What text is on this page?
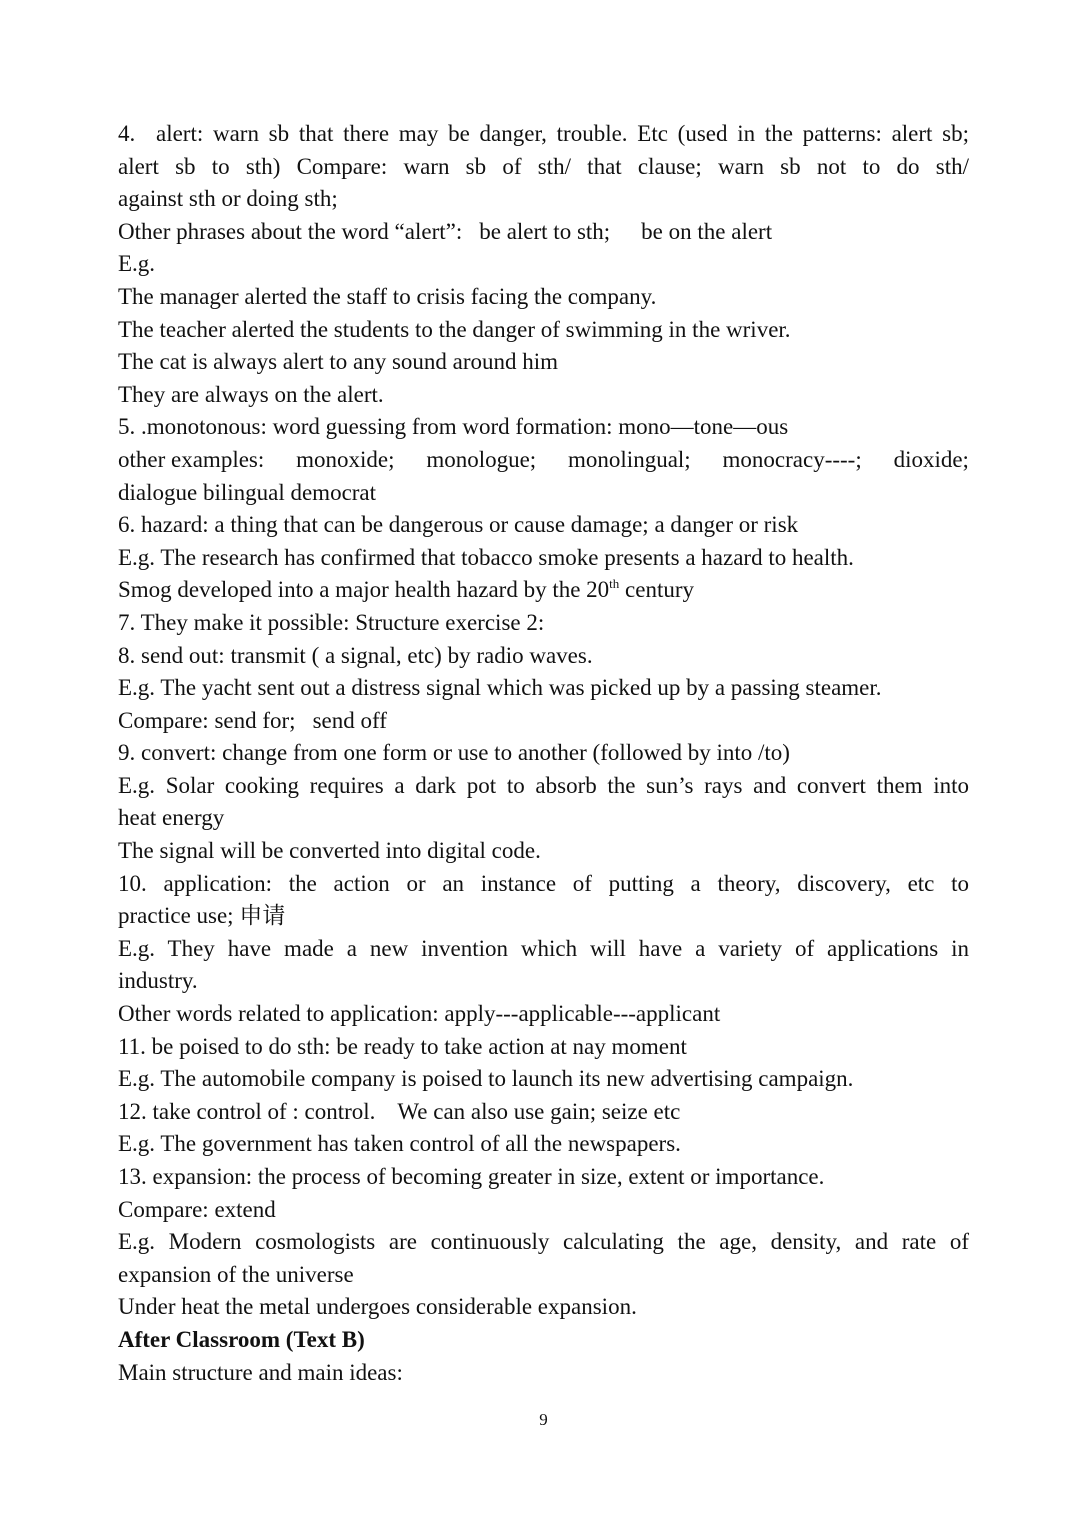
4. alert: warn sb that there may be danger, trouble. Etc (used in the patterns: alert sb;
alert sb to sth) Compare: warn sb of sth/ that clause; warn sb not to do sth/
against sth or doing sth;
Other phrases about the word “alert”: be alert to sth; be on the alert
E.g.
The manager alerted the staff to crisis facing the company.
The teacher alerted the students to the danger of swimming in the wriver.
The cat is always alert to any sound around him
They are always on the alert.
5. .monotonous: word guessing from word formation: mono—tone—ous
other examples: monoxide; monologue; monolingual; monocracy----; dioxide;
dialogue bilingual democrat
6. hazard: a thing that can be dangerous or cause damage; a danger or risk
E.g. The research has confirmed that tobacco smoke presents a hazard to health.
Smog developed into a major health hazard by the 20th century
7. They make it possible: Structure exercise 2:
8. send out: transmit ( a signal, etc) by radio waves.
E.g. The yacht sent out a distress signal which was picked up by a passing steamer.
Compare: send for; send off
9. convert: change from one form or use to another (followed by into /to)
E.g. Solar cooking requires a dark pot to absorb the sun’s rays and convert them into
heat energy
The signal will be converted into digital code.
10. application: the action or an instance of putting a theory, discovery, etc to
practice use; 申请
E.g. They have made a new invention which will have a variety of applications in
industry.
Other words related to application: apply---applicable---applicant
11. be poised to do sth: be ready to take action at nay moment
E.g. The automobile company is poised to launch its new advertising campaign.
12. take control of : control. We can also use gain; seize etc
E.g. The government has taken control of all the newspapers.
13. expansion: the process of becoming greater in size, extent or importance.
Compare: extend
E.g. Modern cosmologists are continuously calculating the age, density, and rate of
expansion of the universe
Under heat the metal undergoes considerable expansion.
After Classroom (Text B)
Main structure and main ideas:
9
